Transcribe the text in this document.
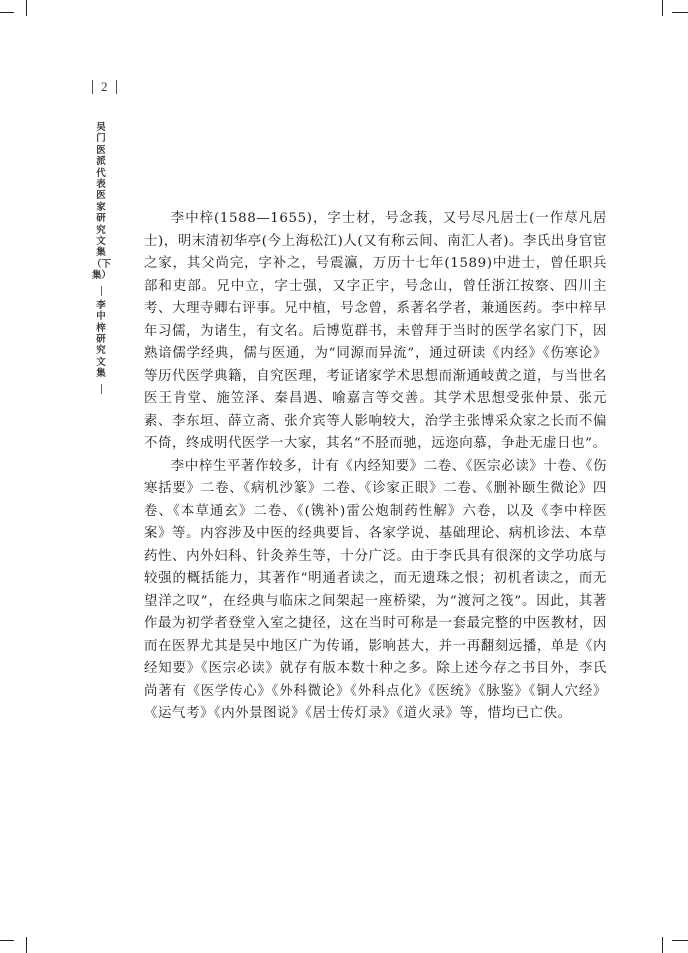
2
吴门医派代表医家研究文集（下集）
李中梓研究文集

李中梓(1588—1655)，字士材，号念莪，又号尽凡居士(一作荩凡居士)，明末清初华亭(今上海松江)人(又有称云间、南汇人者)。李氏出身官宦之家，其父尚完，字补之，号震瀛，万历十七年(1589)中进士，曾任职兵部和吏部。兄中立，字士强，又字正宇，号念山，曾任浙江按察、四川主考、大理寺卿右评事。兄中植，号念曾，系著名学者，兼通医药。李中梓早年习儒，为诸生，有文名。后博览群书，未曾拜于当时的医学名家门下，因熟谙儒学经典，儒与医通，为“同源而异流”，通过研读《内经》《伤寒论》等历代医学典籍，自究医理，考证诸家学术思想而渐通岐黄之道，与当世名医王肯堂、施笠泽、秦昌遇、喻嘉言等交善。其学术思想受张仲景、张元素、李东垣、薛立斋、张介宾等人影响较大，治学主张博采众家之长而不偏不倚，终成明代医学一大家，其名“不胫而驰，远迩向慕，争赴无虚日也”。

李中梓生平著作较多，计有《内经知要》二卷、《医宗必读》十卷、《伤寒括要》二卷、《病机沙篆》二卷、《诊家正眼》二卷、《删补颐生微论》四卷、《本草通玄》二卷、《(镌补)雷公炮制药性解》六卷，以及《李中梓医案》等。内容涉及中医的经典要旨、各家学说、基础理论、病机诊法、本草药性、内外妇科、针灸养生等，十分广泛。由于李氏具有很深的文学功底与较强的概括能力，其著作“明通者读之，而无遗珠之恨；初机者读之，而无望洋之叹”，在经典与临床之间架起一座桥梁，为“渡河之筏”。因此，其著作最为初学者登堂入室之捷径，这在当时可称是一套最完整的中医教材，因而在医界尤其是吴中地区广为传诵，影响甚大，并一再翻刻远播，单是《内经知要》《医宗必读》就存有版本数十种之多。除上述今存之书目外，李氏尚著有《医学传心》《外科微论》《外科点化》《医统》《脉鉴》《铜人穴经》《运气考》《内外景图说》《居士传灯录》《道火录》等，惜均已亡佚。
